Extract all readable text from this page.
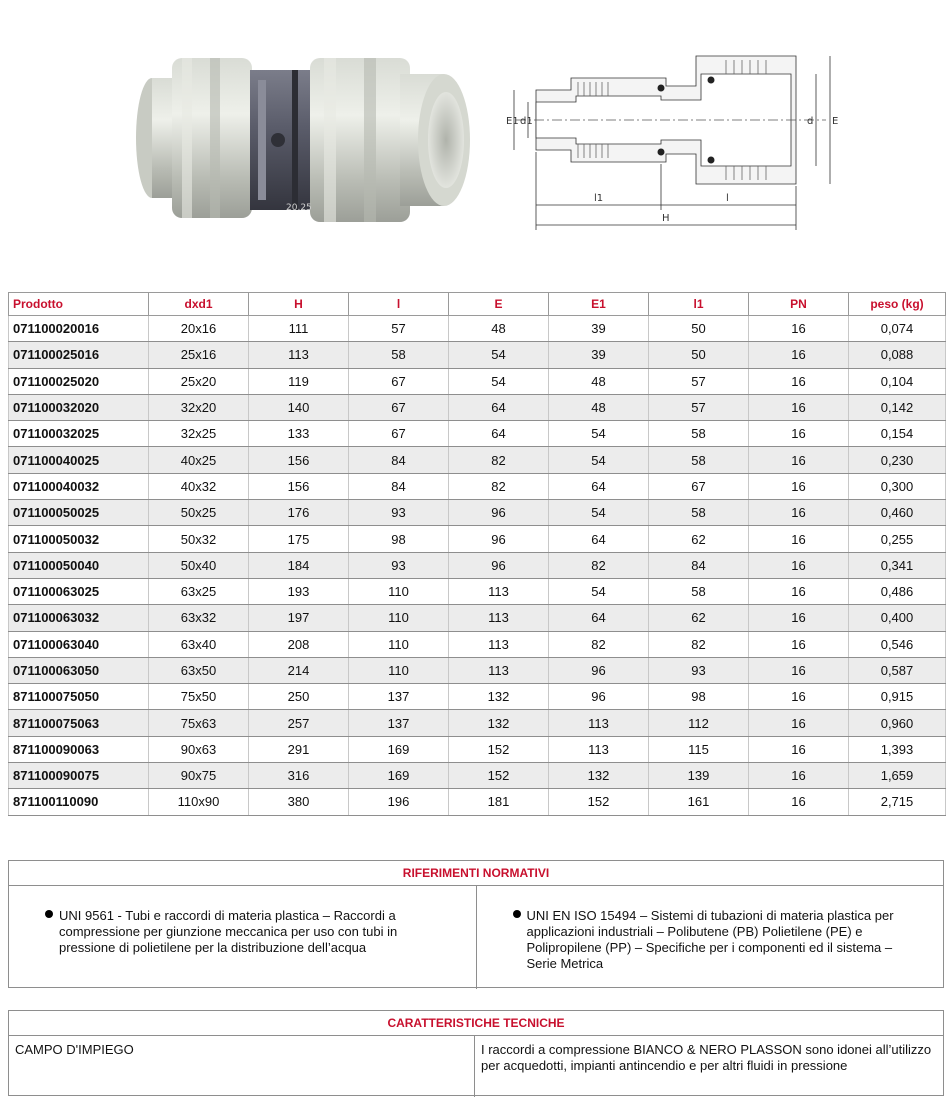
20.25
E1 d1	d E
l1	l
H
Prodotto	dxd1	H	l	E	E1	l1	PN	peso (kg)
071100020016	20x16	111	57	48	39	50	16	0,074
071100025016	25x16	113	58	54	39	50	16	0,088
071100025020	25x20	119	67	54	48	57	16	0,104
071100032020	32x20	140	67	64	48	57	16	0,142
071100032025	32x25	133	67	64	54	58	16	0,154
071100040025	40x25	156	84	82	54	58	16	0,230
071100040032	40x32	156	84	82	64	67	16	0,300
071100050025	50x25	176	93	96	54	58	16	0,460
071100050032	50x32	175	98	96	64	62	16	0,255
071100050040	50x40	184	93	96	82	84	16	0,341
071100063025	63x25	193	110	113	54	58	16	0,486
071100063032	63x32	197	110	113	64	62	16	0,400
071100063040	63x40	208	110	113	82	82	16	0,546
071100063050	63x50	214	110	113	96	93	16	0,587
871100075050	75x50	250	137	132	96	98	16	0,915
871100075063	75x63	257	137	132	113	112	16	0,960
871100090063	90x63	291	169	152	113	115	16	1,393
871100090075	90x75	316	169	152	132	139	16	1,659
871100110090	110x90	380	196	181	152	161	16	2,715
RIFERIMENTI NORMATIVI
UNI 9561 - Tubi e raccordi di materia plastica – Raccordi a compressione per giunzione meccanica per uso con tubi in pressione di polietilene per la distribuzione dell’acqua
UNI EN ISO 15494 – Sistemi di tubazioni di materia plastica per applicazioni industriali – Polibutene (PB) Polietilene (PE) e Polipropilene (PP) – Specifiche per i componenti ed il sistema – Serie Metrica
CARATTERISTICHE TECNICHE
CAMPO D'IMPIEGO	I raccordi a compressione BIANCO & NERO PLASSON sono idonei all’utilizzo per acquedotti, impianti antincendio e per altri fluidi in pressione
